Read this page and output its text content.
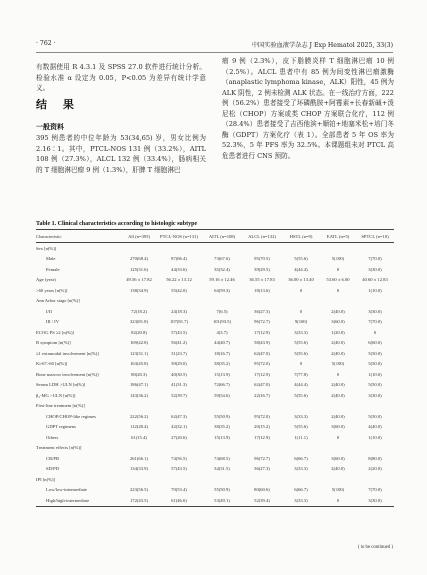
· 762 ·	中国实验血液学杂志 J Exp Hematol 2025, 33(3)

有数据使用 R 4.3.1 及 SPSS 27.0 软件进行统计分析。检验水准 α 设定为 0.05，P<0.05 为差异有统计学意义。

结 果
一般资料

395 例患者的中位年龄为 53(34,65) 岁，男女比例为 2.16∶1。其中，PTCL-NOS 131 例（33.2%），AITL 108 例（27.3%），ALCL 132 例（33.4%），肠病相关的 T 细胞淋巴瘤 9 例（1.3%），肝脾 T 细胞淋巴

瘤 9 例（2.3%），皮下脂膜炎样 T 细胞淋巴瘤 10 例（2.5%）。ALCL 患者中有 85 例为间变性淋巴瘤激酶（anaplastic lymphoma kinase，ALK）阳性，45 例为 ALK 阴性，2 例未检测 ALK 状态。在一线治疗方面，222 例（56.2%）患者接受了环磷酰胺+阿霉素+长春新碱+泼尼松（CHOP）方案或类 CHOP 方案联合化疗，112 例（28.4%）患者接受了吉西他滨+顺铂+地塞米松+培门冬酶（GDPT）方案化疗（表 1）。全部患者 5 年 OS 率为 52.3%，5 年 PFS 率为 32.5%。本课题组未对 PTCL 高危患者进行 CNS 预防。

Table 1. Clinical characteristics according to histologic subtype
Characteristic	All (n=395)	PTCL-NOS (n=131)	AITL (n=108)	ALCL (n=132)	HSTL (n=9)	EATL (n=5)	SPTCL (n=10)
Sex [n(%)]
Male	270(68.4)	87(66.4)	73(67.6)	95(70.5)	5(55.6)	5(100)	7(70.0)
Female	125(31.6)	44(33.6)	35(32.4)	39(29.5)	4(44.4)	0	3(30.0)
Age (year)	49.56 ± 17.82	56.22 ± 13.12	59.16 ± 12.46	36.55 ± 17.83	36.00 ± 13.40	53.60 ± 6.00	40.60 ± 12.83
>60 years [n(%)]	138(34.9)	55(42.0)	64(59.3)	18(13.6)	0	0	1(10.0)
Ann Arbor stage [n(%)]
I/II	72(18.2)	24(18.3)	7(6.5)	36(27.3)	0	2(40.0)	3(30.0)
III / IV	323(81.8)	107(81.7)	101(93.5)	96(72.7)	9(100)	3(60.0)	7(70.0)
ECOG PS ≥2 [n(%)]	82(20.8)	57(43.5)	4(3.7)	17(12.9)	3(33.3)	1(20.0)	0
B symptom [n(%)]	169(42.8)	56(41.2)	44(40.7)	58(43.9)	5(55.6)	2(40.0)	6(60.0)
≥1 extranodal involvement [n(%)]	123(31.1)	31(23.7)	18(16.7)	62(47.0)	5(55.6)	2(40.0)	5(50.0)
Ki-67>60 [n(%)]	163(45.8)	39(29.0)	38(35.2)	95(72.0)	0	5(100)	5(50.0)
Bone marrow involvement [n(%)]	80(20.3)	40(30.5)	15(13.9)	17(12.9)	7(77.8)	0	1(10.0)
Serum LDH >ULN [n(%)]	186(47.1)	41(31.3)	72(66.7)	62(47.0)	4(44.4)	2(40.0)	5(50.0)
β₂-MG >ULN [n(%)]	143(36.2)	52(39.7)	59(54.6)	22(16.7)	5(55.6)	2(40.0)	3(30.0)
First-line treatment [n(%)]
CHOP/CHOP-like regimes	222(56.2)	62(47.3)	55(50.9)	95(72.0)	3(33.3)	2(40.0)	5(50.0)
GDPT regimens	112(28.4)	42(32.1)	38(35.2)	20(15.2)	5(55.6)	3(60.0)	4(40.0)
Others	61(15.4)	27(20.6)	15(13.9)	17(12.9)	1(11.1)	0	1(10.0)
Treatment effects [n(%)]
CR/PR	261(66.1)	74(56.5)	74(68.5)	96(72.7)	6(66.7)	3(60.0)	8(80.0)
SD/PD	134(33.9)	57(43.5)	34(31.5)	36(27.3)	3(33.3)	2(40.0)	2(20.0)
IPI [n(%)]
Low/low-intermediate	223(56.5)	70(53.4)	55(50.9)	80(60.6)	6(66.7)	5(100)	7(70.0)
High/high-intermediate	172(43.5)	61(46.6)	53(49.1)	52(39.4)	3(33.3)	0	3(30.0)
( to be continued )
